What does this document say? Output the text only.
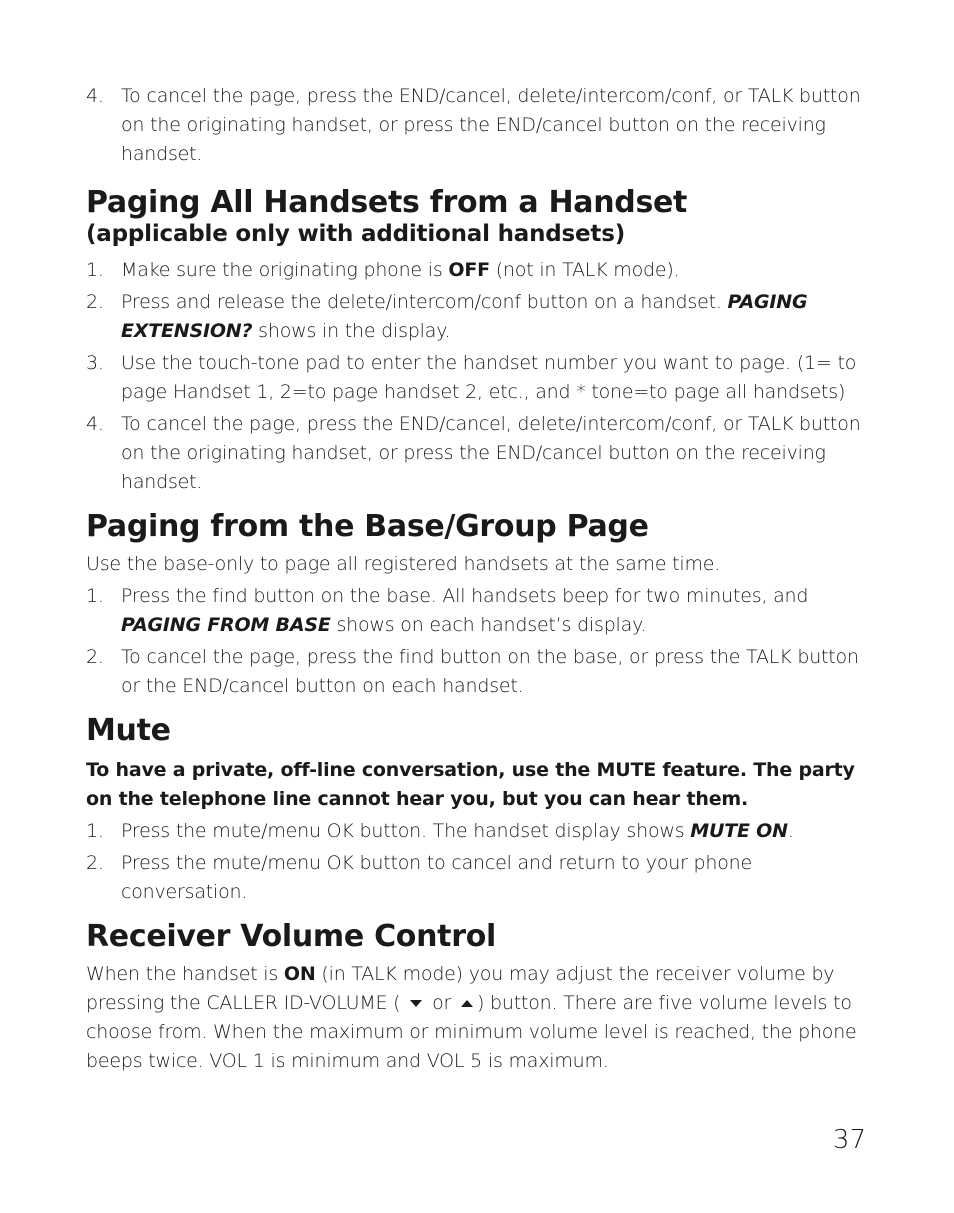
4. To cancel the page, press the END/cancel, delete/intercom/conf, or TALK button on the originating handset, or press the END/cancel button on the receiving handset.
Paging All Handsets from a Handset
(applicable only with additional handsets)
1. Make sure the originating phone is OFF (not in TALK mode).
2. Press and release the delete/intercom/conf button on a handset. PAGING EXTENSION? shows in the display.
3. Use the touch-tone pad to enter the handset number you want to page. (1= to page Handset 1, 2=to page handset 2, etc., and * tone=to page all handsets)
4. To cancel the page, press the END/cancel, delete/intercom/conf, or TALK button on the originating handset, or press the END/cancel button on the receiving handset.
Paging from the Base/Group Page

Use the base-only to page all registered handsets at the same time.

1. Press the find button on the base. All handsets beep for two minutes, and PAGING FROM BASE shows on each handset’s display.
2. To cancel the page, press the find button on the base, or press the TALK button or the END/cancel button on each handset.
Mute

To have a private, off-line conversation, use the MUTE feature. The party on the telephone line cannot hear you, but you can hear them.

1. Press the mute/menu OK button. The handset display shows MUTE ON.
2. Press the mute/menu OK button to cancel and return to your phone conversation.
Receiver Volume Control

When the handset is ON (in TALK mode) you may adjust the receiver volume by pressing the CALLER ID-VOLUME ( or ) button. There are five volume levels to choose from. When the maximum or minimum volume level is reached, the phone beeps twice. VOL 1 is minimum and VOL 5 is maximum.

37
